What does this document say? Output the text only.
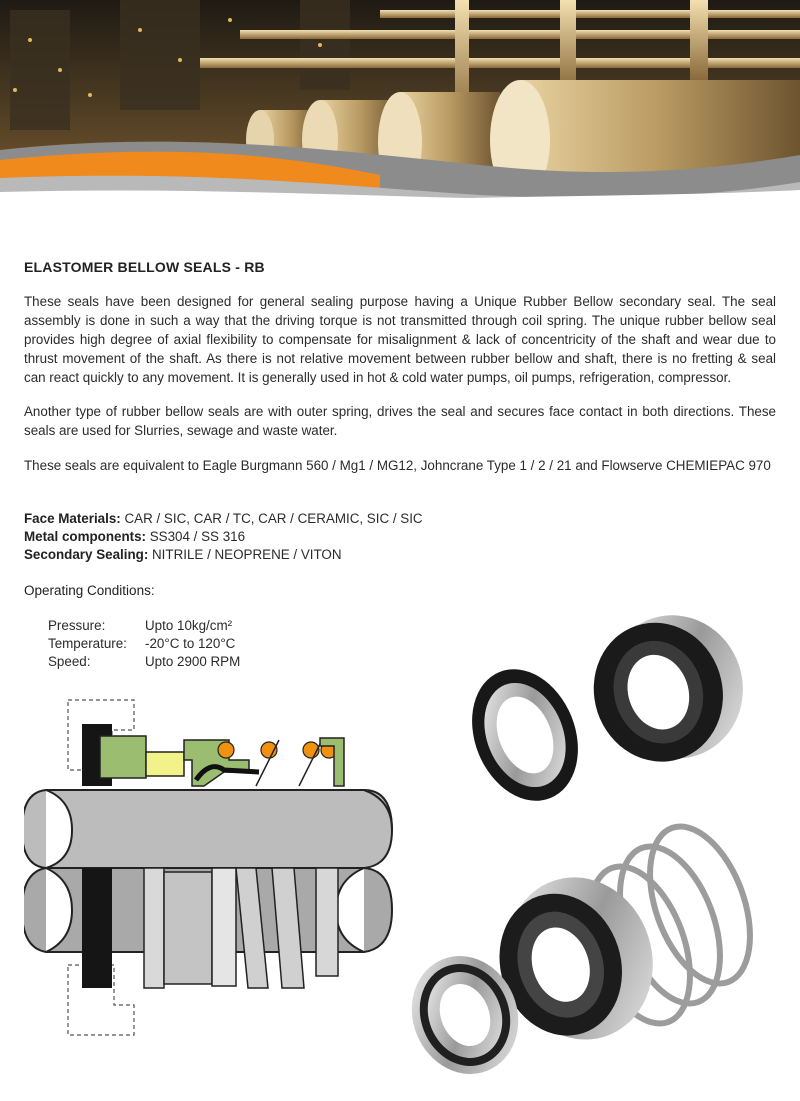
ELASTOMER BELLOW SEALS - RB

These seals have been designed for general sealing purpose having a Unique Rubber Bellow secondary seal. The seal assembly is done in such a way that the driving torque is not transmitted through coil spring. The unique rubber bellow seal provides high degree of axial flexibility to compensate for misalignment & lack of concentricity of the shaft and wear due to thrust movement of the shaft. As there is not relative movement between rubber bellow and shaft, there is no fretting & seal can react quickly to any movement. It is generally used in hot & cold water pumps, oil pumps, refrigeration, compressor.

Another type of rubber bellow seals are with outer spring, drives the seal and secures face contact in both directions. These seals are used for Slurries, sewage and waste water.

These seals are equivalent to Eagle Burgmann 560 / Mg1 / MG12, Johncrane Type 1 / 2 / 21 and Flowserve CHEMIEPAC 970

Face Materials: CAR / SIC, CAR / TC, CAR / CERAMIC, SIC / SIC
Metal components: SS304 / SS 316
Secondary Sealing: NITRILE / NEOPRENE / VITON
Operating Conditions:
Pressure:	Upto 10kg/cm²
Temperature: -20°C to 120°C
Speed:	Upto 2900 RPM
